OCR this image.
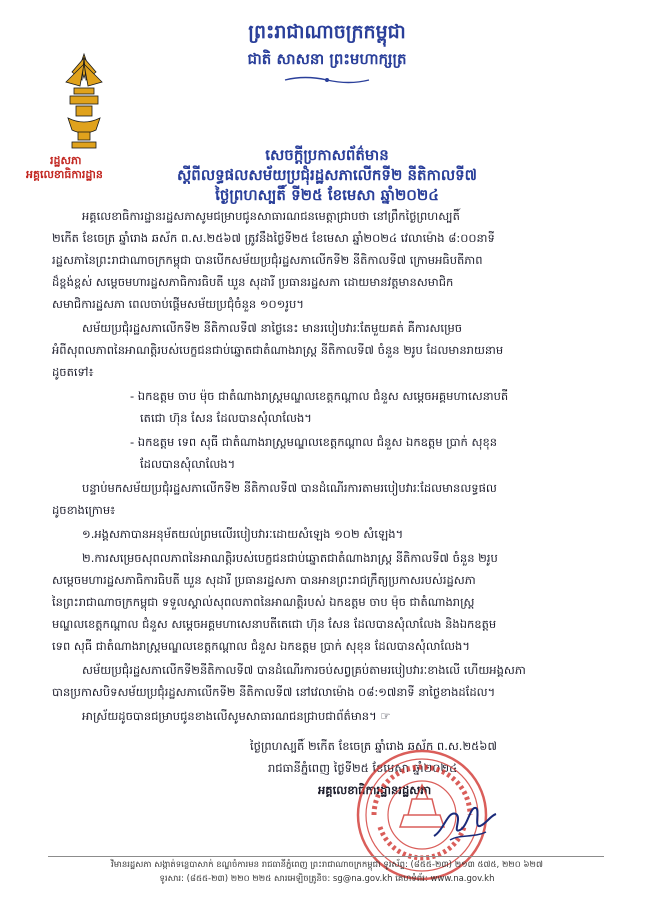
ព្រះរាជាណាចក្រកម្ពុជា
ជាតិ សាសនា ព្រះមហាក្សត្រ
រដ្ឋសភា
អគ្គលេខាធិការដ្ឋាន
សេចក្តីប្រកាសព័ត៌មាន
ស្តីពីលទ្ធផលសម័យប្រជុំរដ្ឋសភាលើកទី២ នីតិកាលទី៧
ថ្ងៃព្រហស្បតិ៍ ទី២៥ ខែមេសា ឆ្នាំ២០២៤
អគ្គលេខាធិការដ្ឋានរដ្ឋសភាសូមជម្រាបជូនសាធារណជនមេត្តាជ្រាបថា នៅព្រឹកថ្ងៃព្រហស្បតិ៍
២កើត ខែចេត្រ ឆ្នាំរោង ឆស័ក ព.ស.២៥៦៧ ត្រូវនឹងថ្ងៃទី២៥ ខែមេសា ឆ្នាំ២០២៤ វេលាម៉ោង ៨:០០នាទី
រដ្ឋសភានៃព្រះរាជាណាចក្រកម្ពុជា បានបើកសម័យប្រជុំរដ្ឋសភាលើកទី២ នីតិកាលទី៧ ក្រោមអធិបតីភាព
ដ៏ខ្ពង់ខ្ពស់ សម្តេចមហារដ្ឋសភាធិការធិបតី ឃួន សុដារី ប្រធានរដ្ឋសភា ដោយមានវត្តមានសមាជិក
សមាជិការដ្ឋសភា ពេលចាប់ផ្តើមសម័យប្រជុំចំនួន ១០១រូប។
សម័យប្រជុំរដ្ឋសភាលើកទី២ នីតិកាលទី៧ នាថ្ងៃនេះ មានរបៀបវារៈតែមួយគត់ គឺការសម្រេច
អំពីសុពលភាពនៃអាណត្តិរបស់បេក្ខជនជាប់ឆ្នោតជាតំណាងរាស្ត្រ នីតិកាលទី៧ ចំនួន ២រូប ដែលមានរាយនាម
ដូចតទៅ៖
- ឯកឧត្តម ចាប ម៉ុច ជាតំណាងរាស្ត្រមណ្ឌលខេត្តកណ្តាល ជំនួស សម្តេចអគ្គមហាសេនាបតី
តេជោ ហ៊ុន សែន ដែលបានសុំលាលែង។
- ឯកឧត្តម ទេព សុធី ជាតំណាងរាស្ត្រមណ្ឌលខេត្តកណ្តាល ជំនួស ឯកឧត្តម ប្រាក់ សុខុន
ដែលបានសុំលាលែង។
បន្ទាប់មកសម័យប្រជុំរដ្ឋសភាលើកទី២ នីតិកាលទី៧ បានដំណើរការតាមរបៀបវារៈដែលមានលទ្ធផល
ដូចខាងក្រោម៖
១.អង្គសភាបានអនុម័តយល់ព្រមលើរបៀបវារៈដោយសំឡេង ១០២ សំឡេង។
២.ការសម្រេចសុពលភាពនៃអាណត្តិរបស់បេក្ខជនជាប់ឆ្នោតជាតំណាងរាស្ត្រ នីតិកាលទី៧ ចំនួន ២រូប
សម្តេចមហារដ្ឋសភាធិការធិបតី ឃួន សុដារី ប្រធានរដ្ឋសភា បានអានព្រះរាជក្រឹត្យប្រកាសរបស់រដ្ឋសភា
នៃព្រះរាជាណាចក្រកម្ពុជា ទទួលស្គាល់សុពលភាពនៃអាណត្តិរបស់ ឯកឧត្តម ចាប ម៉ុច ជាតំណាងរាស្ត្រ
មណ្ឌលខេត្តកណ្តាល ជំនួស សម្តេចអគ្គមហាសេនាបតីតេជោ ហ៊ុន សែន ដែលបានសុំលាលែង និងឯកឧត្តម
ទេព សុធី ជាតំណាងរាស្ត្រមណ្ឌលខេត្តកណ្តាល ជំនួស ឯកឧត្តម ប្រាក់ សុខុន ដែលបានសុំលាលែង។
សម័យប្រជុំរដ្ឋសភាលើកទី២នីតិកាលទី៧ បានដំណើរការចប់សព្វគ្រប់តាមរបៀបវារៈខាងលើ ហើយអង្គសភា
បានប្រកាសបិទសម័យប្រជុំរដ្ឋសភាលើកទី២ នីតិកាលទី៧ នៅវេលាម៉ោង ០៨:១៧នាទី នាថ្ងៃខាងដដែល។
អាស្រ័យដូចបានជម្រាបជូនខាងលើសូមសាធារណជនជ្រាបជាព័ត៌មាន។ ☞
ថ្ងៃព្រហស្បតិ៍ ២កើត ខែចេត្រ ឆ្នាំរោង ឆស័ក ព.ស.២៥៦៧
រាជធានីភ្នំពេញ ថ្ងៃទី២៥ ខែមេសា ឆ្នាំ២០២៤
អគ្គលេខាធិការដ្ឋានរដ្ឋសភា
វិមានរដ្ឋសភា សង្កាត់ទន្លេបាសាក់ ខណ្ឌចំការមន រាជធានីភ្នំពេញ ព្រះរាជាណាចក្រកម្ពុជា ទូរស័ព្ទ: (៨៥៥-២៣) ២១៣ ៥៧៥, ២២០ ៦២៧
ទូរសារ: (៨៥៥-២៣) ២២០ ២២៥ សារអេឡិចត្រូនិច: sg@na.gov.kh គេហទំព័រ: www.na.gov.kh
